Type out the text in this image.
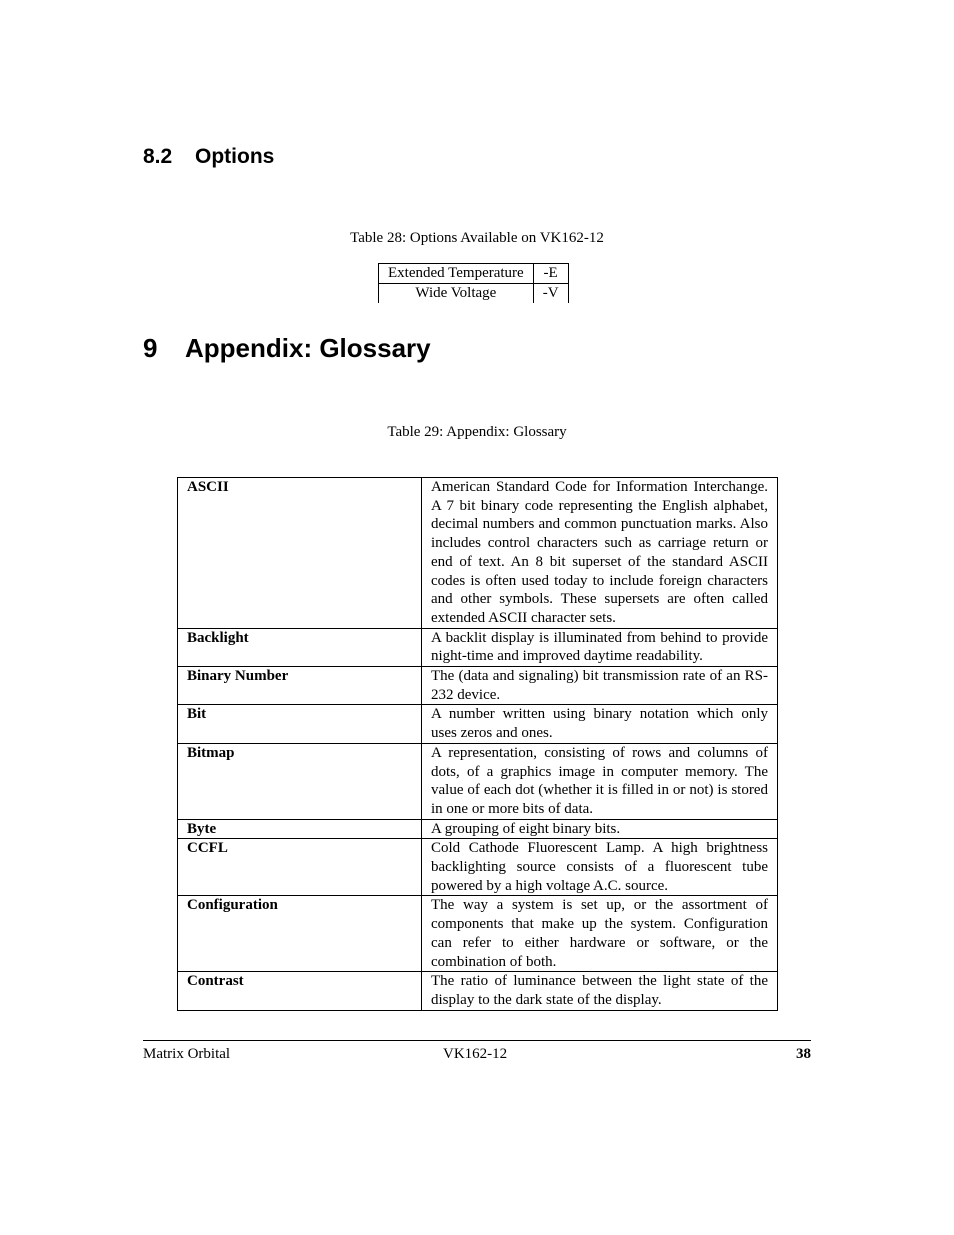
8.2 Options
Table 28: Options Available on VK162-12
Extended Temperature	-E
Wide Voltage	-V
9 Appendix: Glossary
Table 29: Appendix: Glossary
ASCII	American Standard Code for Information Interchange. A 7 bit binary code representing the English alphabet, decimal numbers and common punctuation marks. Also includes control characters such as carriage return or end of text. An 8 bit superset of the standard ASCII codes is often used today to include foreign characters and other symbols. These supersets are often called extended ASCII character sets.
Backlight	A backlit display is illuminated from behind to provide night-time and improved daytime readability.
Binary Number	The (data and signaling) bit transmission rate of an RS-232 device.
Bit	A number written using binary notation which only uses zeros and ones.
Bitmap	A representation, consisting of rows and columns of dots, of a graphics image in computer memory. The value of each dot (whether it is filled in or not) is stored in one or more bits of data.
Byte	A grouping of eight binary bits.
CCFL	Cold Cathode Fluorescent Lamp. A high brightness backlighting source consists of a fluorescent tube powered by a high voltage A.C. source.
Configuration	The way a system is set up, or the assortment of components that make up the system. Configuration can refer to either hardware or software, or the combination of both.
Contrast	The ratio of luminance between the light state of the display to the dark state of the display.
Matrix Orbital	VK162-12	38
